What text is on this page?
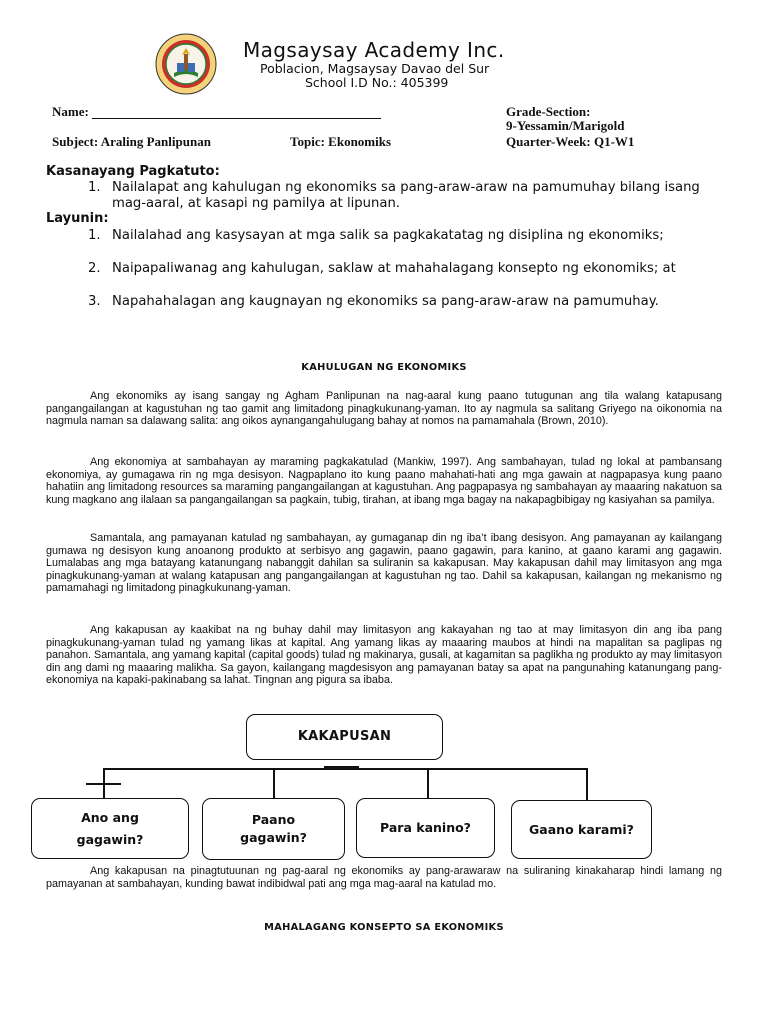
Magsaysay Academy Inc.
Poblacion, Magsaysay Davao del Sur
School I.D No.: 405399
Name:	Grade-Section:
9-Yessamin/Marigold
Subject: Araling Panlipunan	Topic: Ekonomiks	Quarter-Week: Q1-W1
Kasanayang Pagkatuto:
1. Nailalapat ang kahulugan ng ekonomiks sa pang-araw-araw na pamumuhay bilang isang mag-aaral, at kasapi ng pamilya at lipunan.
Layunin:
1. Nailalahad ang kasysayan at mga salik sa pagkakatatag ng disiplina ng ekonomiks;
2. Naipapaliwanag ang kahulugan, saklaw at mahahalagang konsepto ng ekonomiks; at
3. Napahahalagan ang kaugnayan ng ekonomiks sa pang-araw-araw na pamumuhay.
KAHULUGAN NG EKONOMIKS
Ang ekonomiks ay isang sangay ng Agham Panlipunan na nag-aaral kung paano tutugunan ang tila walang katapusang pangangailangan at kagustuhan ng tao gamit ang limitadong pinagkukunang-yaman. Ito ay nagmula sa salitang Griyego na oikonomia na nagmula naman sa dalawang salita: ang oikos aynangangahulugang bahay at nomos na pamamahala (Brown, 2010).
Ang ekonomiya at sambahayan ay maraming pagkakatulad (Mankiw, 1997). Ang sambahayan, tulad ng lokal at pambansang ekonomiya, ay gumagawa rin ng mga desisyon. Nagpaplano ito kung paano mahahati-hati ang mga gawain at nagpapasya kung paano hahatiin ang limitadong resources sa maraming pangangailangan at kagustuhan. Ang pagpapasya ng sambahayan ay maaaring nakatuon sa kung magkano ang ilalaan sa pangangailangan sa pagkain, tubig, tirahan, at ibang mga bagay na nakapagbibigay ng kasiyahan sa pamilya.
Samantala, ang pamayanan katulad ng sambahayan, ay gumaganap din ng iba’t ibang desisyon. Ang pamayanan ay kailangang gumawa ng desisyon kung anoanong produkto at serbisyo ang gagawin, paano gagawin, para kanino, at gaano karami ang gagawin. Lumalabas ang mga batayang katanungang nabanggit dahilan sa suliranin sa kakapusan. May kakapusan dahil may limitasyon ang mga pinagkukunang-yaman at walang katapusan ang pangangailangan at kagustuhan ng tao. Dahil sa kakapusan, kailangan ng mekanismo ng pamamahagi ng limitadong pinagkukunang-yaman.
Ang kakapusan ay kaakibat na ng buhay dahil may limitasyon ang kakayahan ng tao at may limitasyon din ang iba pang pinagkukunang-yaman tulad ng yamang likas at kapital. Ang yamang likas ay maaaring maubos at hindi na mapalitan sa paglipas ng panahon. Samantala, ang yamang kapital (capital goods) tulad ng makinarya, gusali, at kagamitan sa paglikha ng produkto ay may limitasyon din ang dami ng maaaring malikha. Sa gayon, kailangang magdesisyon ang pamayanan batay sa apat na pangunahing katanungang pang-ekonomiya na kapaki-pakinabang sa lahat. Tingnan ang pigura sa ibaba.
KAKAPUSAN
Ano ang
gagawin?
Paano
gagawin?
Para kanino?	Gaano karami?
Ang kakapusan na pinagtutuunan ng pag-aaral ng ekonomiks ay pang-arawaraw na suliraning kinakaharap hindi lamang ng pamayanan at sambahayan, kunding bawat indibidwal pati ang mga mag-aaral na katulad mo.
MAHALAGANG KONSEPTO SA EKONOMIKS
